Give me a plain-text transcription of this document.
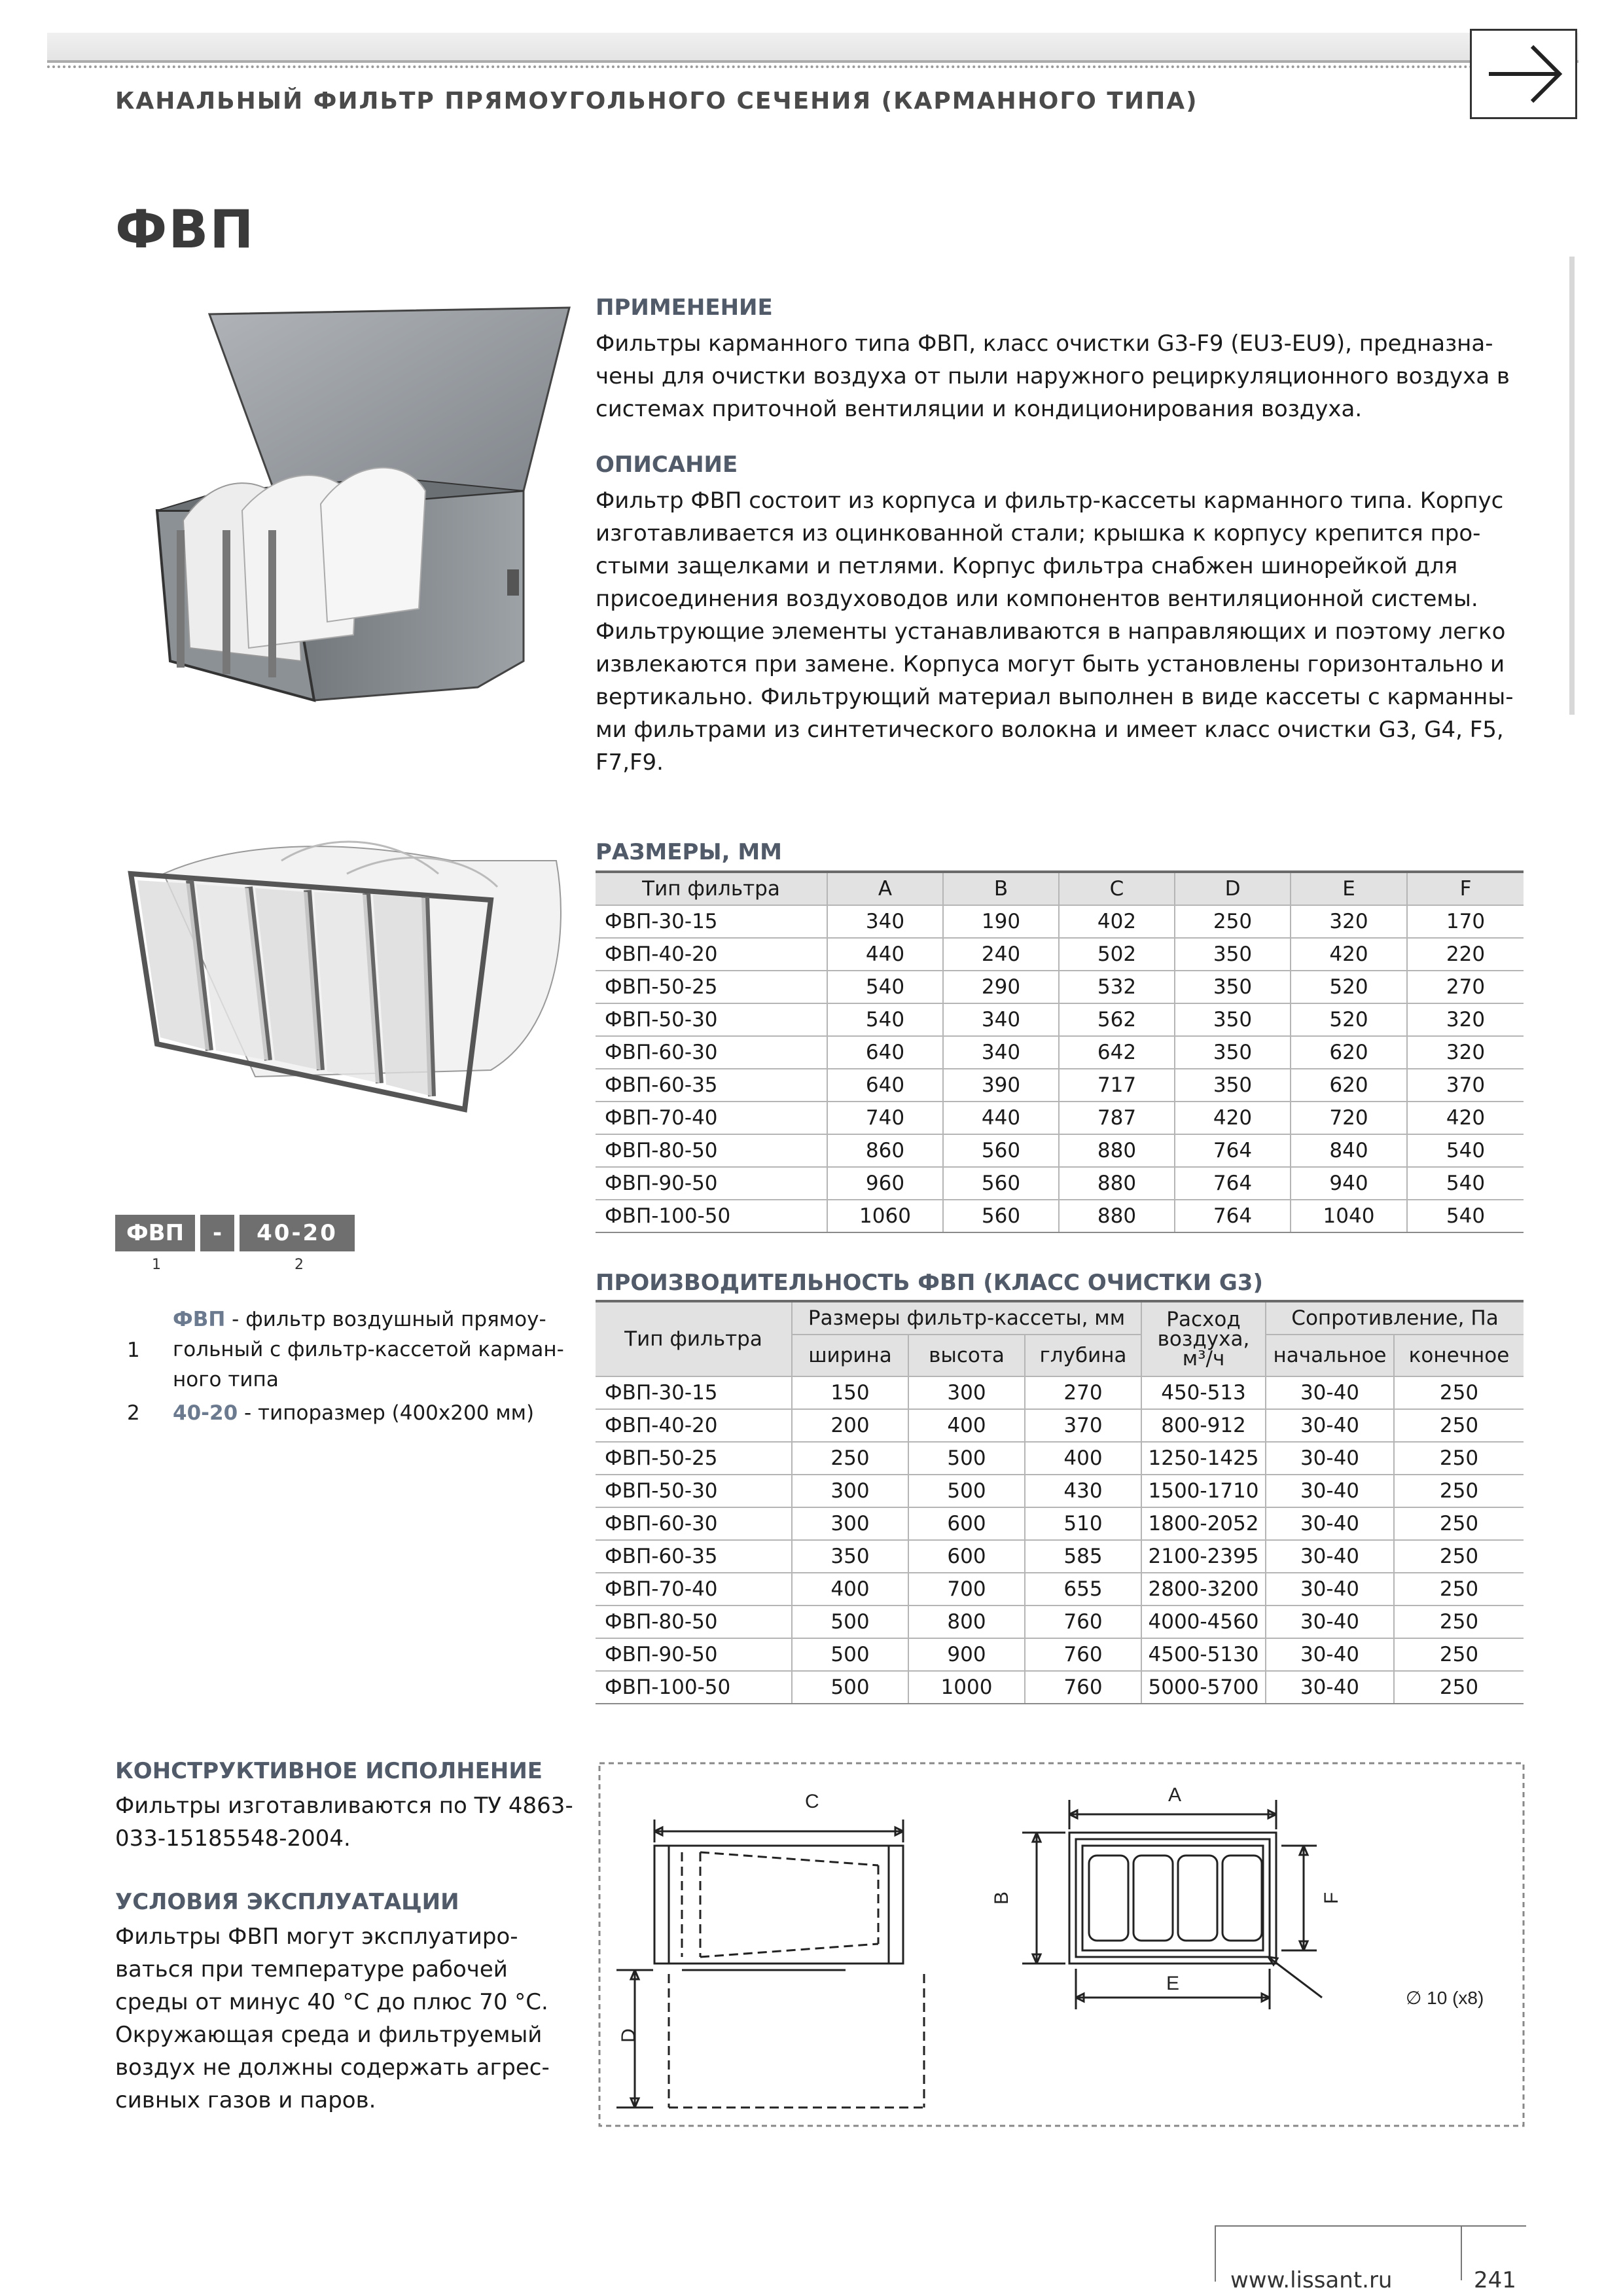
КАНАЛЬНЫЙ ФИЛЬТР ПРЯМОУГОЛЬНОГО СЕЧЕНИЯ (КАРМАННОГО ТИПА)
ФВП
ПРИМЕНЕНИЕ
Фильтры карманного типа ФВП, класс очистки G3-F9 (EU3-EU9), предназна-
чены для очистки воздуха от пыли наружного рециркуляционного воздуха в
системах приточной вентиляции и кондиционирования воздуха.
ОПИСАНИЕ
Фильтр ФВП состоит из корпуса и фильтр-кассеты карманного типа. Корпус
изготавливается из оцинкованной стали; крышка к корпусу крепится про-
стыми защелками и петлями. Корпус фильтра снабжен шинорейкой для
присоединения воздуховодов или компонентов вентиляционной системы.
Фильтрующие элементы устанавливаются в направляющих и поэтому легко
извлекаются при замене. Корпуса могут быть установлены горизонтально и
вертикально. Фильтрующий материал выполнен в виде кассеты с карманны-
ми фильтрами из синтетического волокна и имеет класс очистки G3, G4, F5,
F7,F9.
РАЗМЕРЫ, ММ
Тип фильтра	A	B	C	D	E	F
ФВП-30-15	340	190	402	250	320	170
ФВП-40-20	440	240	502	350	420	220
ФВП-50-25	540	290	532	350	520	270
ФВП-50-30	540	340	562	350	520	320
ФВП-60-30	640	340	642	350	620	320
ФВП-60-35	640	390	717	350	620	370
ФВП-70-40	740	440	787	420	720	420
ФВП-80-50	860	560	880	764	840	540
ФВП-90-50	960	560	880	764	940	540
ФВП-100-50	1060	560	880	764	1040	540
ПРОИЗВОДИТЕЛЬНОСТЬ ФВП (КЛАСС ОЧИСТКИ G3)
Тип фильтра	Размеры фильтр-кассеты, мм			Расход
воздуха,
м³/ч	Сопротивление, Па	
	ширина	высота	глубина		начальное	конечное
ФВП-30-15	150	300	270	450-513	30-40	250
ФВП-40-20	200	400	370	800-912	30-40	250
ФВП-50-25	250	500	400	1250-1425	30-40	250
ФВП-50-30	300	500	430	1500-1710	30-40	250
ФВП-60-30	300	600	510	1800-2052	30-40	250
ФВП-60-35	350	600	585	2100-2395	30-40	250
ФВП-70-40	400	700	655	2800-3200	30-40	250
ФВП-80-50	500	800	760	4000-4560	30-40	250
ФВП-90-50	500	900	760	4500-5130	30-40	250
ФВП-100-50	500	1000	760	5000-5700	30-40	250
ФВП	-	40-20
1	2
1
ФВП - фильтр воздушный прямоу-
гольный с фильтр-кассетой карман-
ного типа
2 40-20 - типоразмер (400х200 мм)
КОНСТРУКТИВНОЕ ИСПОЛНЕНИЕ
Фильтры изготавливаются по ТУ 4863-
033-15185548-2004.
УСЛОВИЯ ЭКСПЛУАТАЦИИ
Фильтры ФВП могут эксплуатиро-
ваться при температуре рабочей
среды от минус 40 °С до плюс 70 °С.
Окружающая среда и фильтруемый
воздух не должны содержать агрес-
сивных газов и паров.
C
D
A
B	F
E
∅ 10 (x8)
www.lissant.ru	241
